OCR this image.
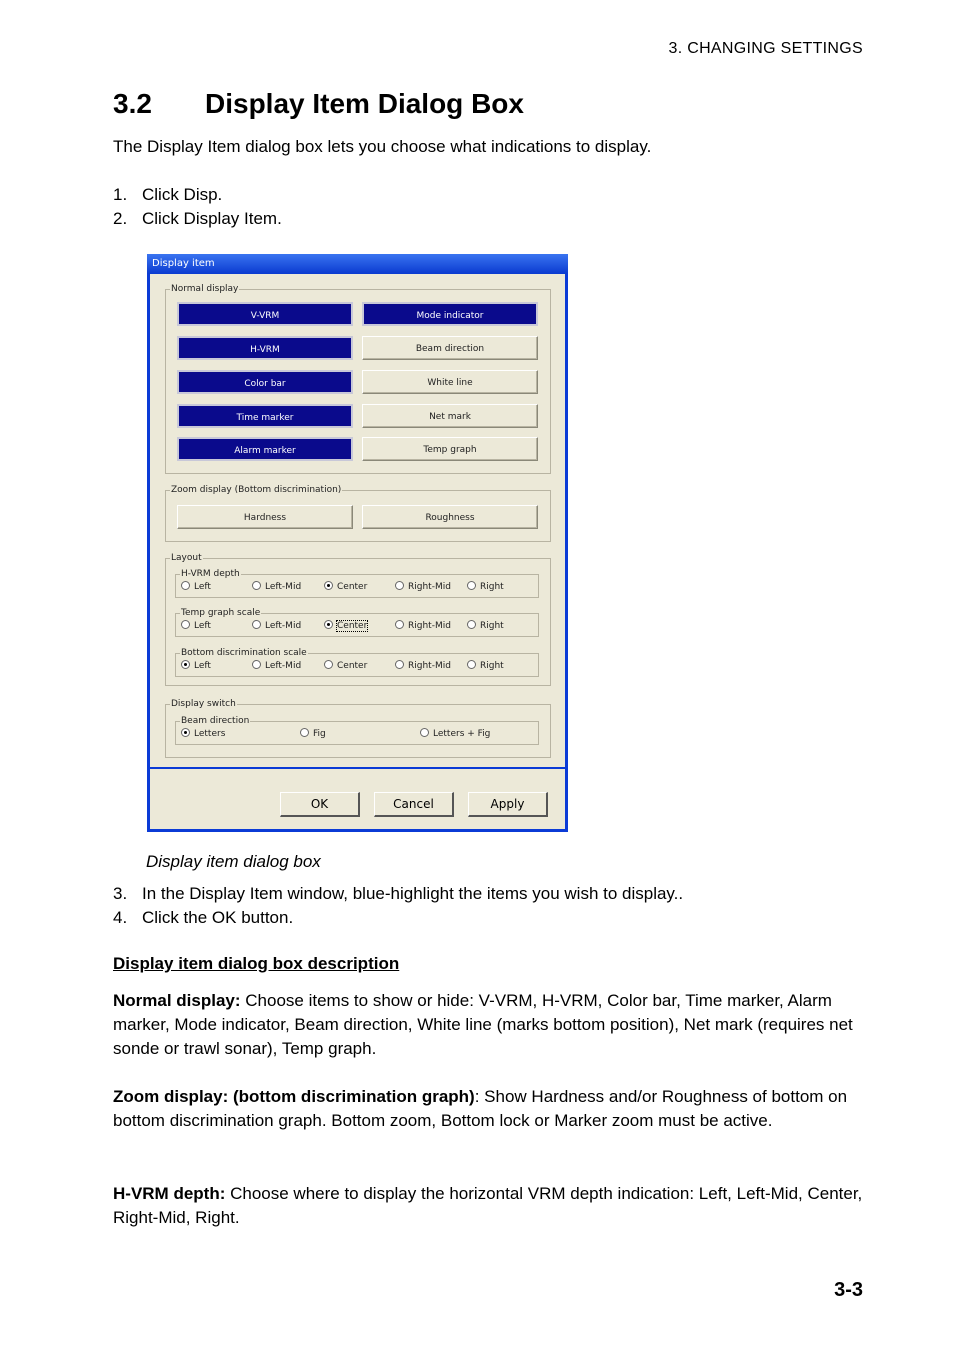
3. CHANGING SETTINGS
3.2 Display Item Dialog Box

The Display Item dialog box lets you choose what indications to display.

1. Click Disp.
2. Click Display Item.
Display item
Normal display
V-VRM	Mode indicator
H-VRM	Beam direction
Color bar	White line
Time marker	Net mark
Alarm marker	Temp graph
Zoom display (Bottom discrimination)
Hardness	Roughness
Layout
H-VRM depth
Left	Left-Mid	Center	Right-Mid	Right
Temp graph scale
Left	Left-Mid	Center	Right-Mid	Right
Bottom discrimination scale
Left	Left-Mid	Center	Right-Mid	Right
Display switch
Beam direction
Letters	Fig	Letters + Fig
OK	Cancel	Apply
Display item dialog box
3. In the Display Item window, blue-highlight the items you wish to display..
4. Click the OK button.
Display item dialog box description

Normal display: Choose items to show or hide: V-VRM, H-VRM, Color bar, Time marker, Alarm marker, Mode indicator, Beam direction, White line (marks bottom position), Net mark (requires net sonde or trawl sonar), Temp graph.

Zoom display: (bottom discrimination graph): Show Hardness and/or Roughness of bottom on bottom discrimination graph. Bottom zoom, Bottom lock or Marker zoom must be active.

H-VRM depth: Choose where to display the horizontal VRM depth indication: Left, Left-Mid, Center, Right-Mid, Right.

3-3
